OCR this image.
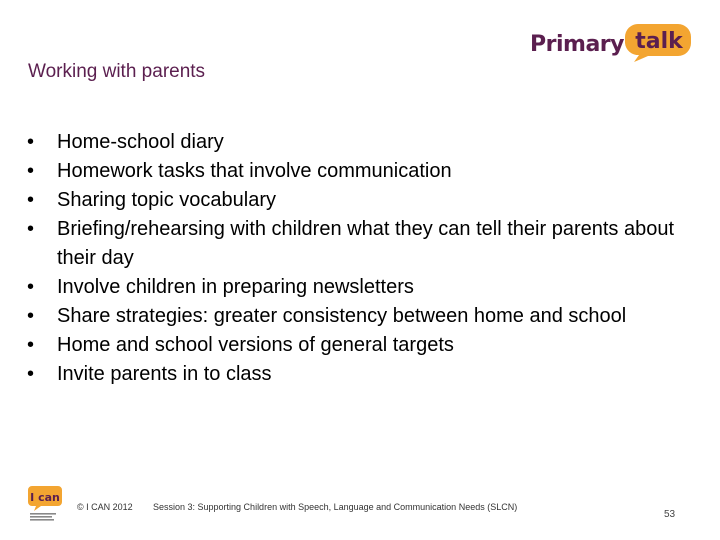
Primary talk
Working with parents
• Home-school diary
• Homework tasks that involve communication
• Sharing topic vocabulary
• Briefing/rehearsing with children what they can tell their parents about their day
• Involve children in preparing newsletters
• Share strategies: greater consistency between home and school
• Home and school versions of general targets
• Invite parents in to class
I can
© I CAN 2012 Session 3: Supporting Children with Speech, Language and Communication Needs (SLCN)
53
